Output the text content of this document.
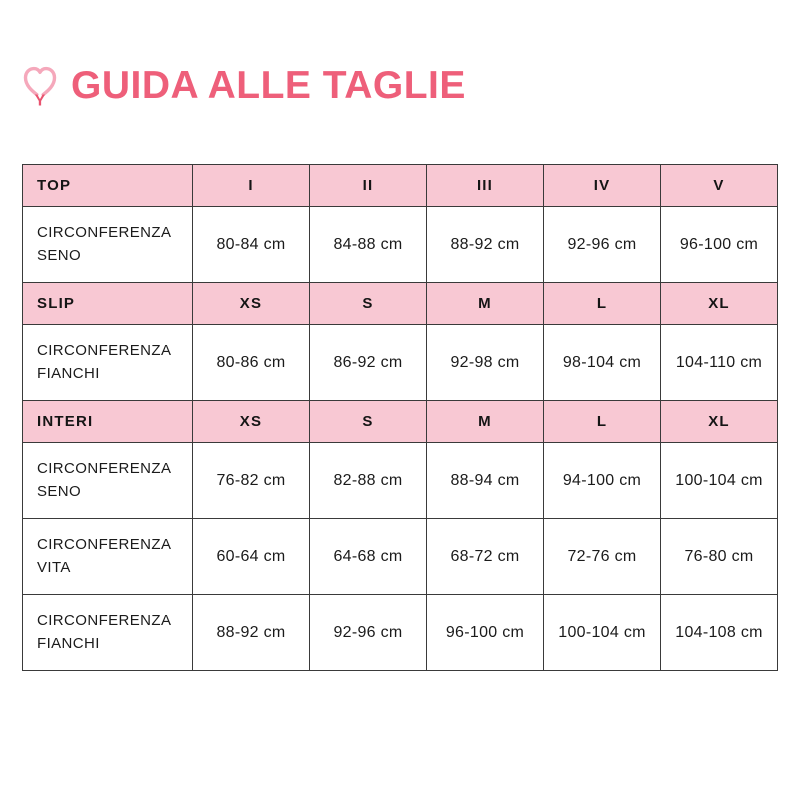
Y GUIDA ALLE TAGLIE
TOP	I	II	III	IV	V
CIRCONFERENZA SENO	80-84 cm	84-88 cm	88-92 cm	92-96 cm	96-100 cm
SLIP	XS	S	M	L	XL
CIRCONFERENZA FIANCHI	80-86 cm	86-92 cm	92-98 cm	98-104 cm	104-110 cm
INTERI	XS	S	M	L	XL
CIRCONFERENZA SENO	76-82 cm	82-88 cm	88-94 cm	94-100 cm	100-104 cm
CIRCONFERENZA VITA	60-64 cm	64-68 cm	68-72 cm	72-76 cm	76-80 cm
CIRCONFERENZA FIANCHI	88-92 cm	92-96 cm	96-100 cm	100-104 cm	104-108 cm
